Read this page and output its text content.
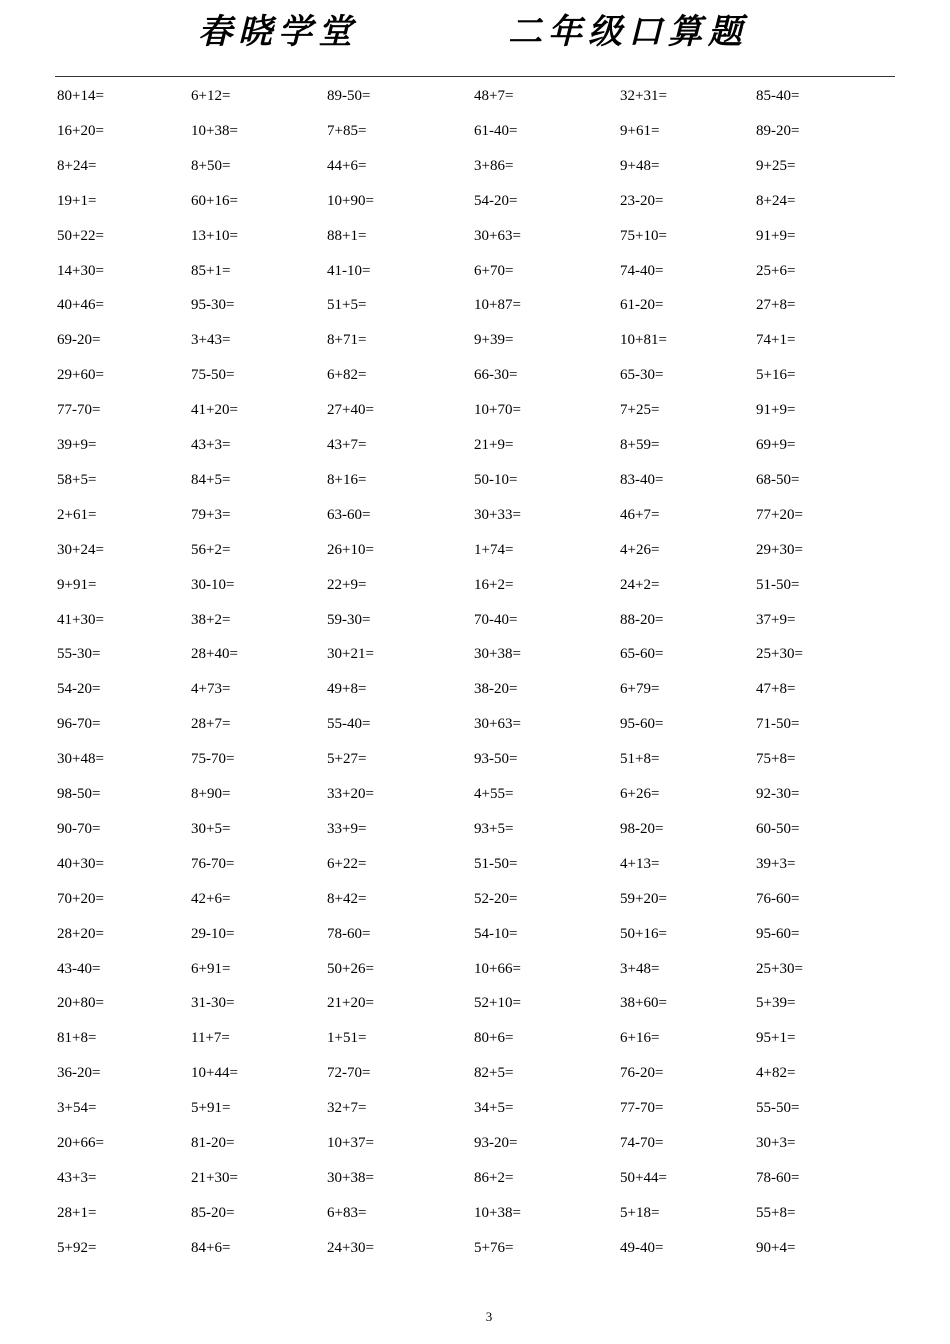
春晓学堂	二年级口算题
80+14=	6+12=	89-50=	48+7=	32+31=	85-40=
16+20=	10+38=	7+85=	61-40=	9+61=	89-20=
8+24=	8+50=	44+6=	3+86=	9+48=	9+25=
19+1=	60+16=	10+90=	54-20=	23-20=	8+24=
50+22=	13+10=	88+1=	30+63=	75+10=	91+9=
14+30=	85+1=	41-10=	6+70=	74-40=	25+6=
40+46=	95-30=	51+5=	10+87=	61-20=	27+8=
69-20=	3+43=	8+71=	9+39=	10+81=	74+1=
29+60=	75-50=	6+82=	66-30=	65-30=	5+16=
77-70=	41+20=	27+40=	10+70=	7+25=	91+9=
39+9=	43+3=	43+7=	21+9=	8+59=	69+9=
58+5=	84+5=	8+16=	50-10=	83-40=	68-50=
2+61=	79+3=	63-60=	30+33=	46+7=	77+20=
30+24=	56+2=	26+10=	1+74=	4+26=	29+30=
9+91=	30-10=	22+9=	16+2=	24+2=	51-50=
41+30=	38+2=	59-30=	70-40=	88-20=	37+9=
55-30=	28+40=	30+21=	30+38=	65-60=	25+30=
54-20=	4+73=	49+8=	38-20=	6+79=	47+8=
96-70=	28+7=	55-40=	30+63=	95-60=	71-50=
30+48=	75-70=	5+27=	93-50=	51+8=	75+8=
98-50=	8+90=	33+20=	4+55=	6+26=	92-30=
90-70=	30+5=	33+9=	93+5=	98-20=	60-50=
40+30=	76-70=	6+22=	51-50=	4+13=	39+3=
70+20=	42+6=	8+42=	52-20=	59+20=	76-60=
28+20=	29-10=	78-60=	54-10=	50+16=	95-60=
43-40=	6+91=	50+26=	10+66=	3+48=	25+30=
20+80=	31-30=	21+20=	52+10=	38+60=	5+39=
81+8=	11+7=	1+51=	80+6=	6+16=	95+1=
36-20=	10+44=	72-70=	82+5=	76-20=	4+82=
3+54=	5+91=	32+7=	34+5=	77-70=	55-50=
20+66=	81-20=	10+37=	93-20=	74-70=	30+3=
43+3=	21+30=	30+38=	86+2=	50+44=	78-60=
28+1=	85-20=	6+83=	10+38=	5+18=	55+8=
5+92=	84+6=	24+30=	5+76=	49-40=	90+4=
3
